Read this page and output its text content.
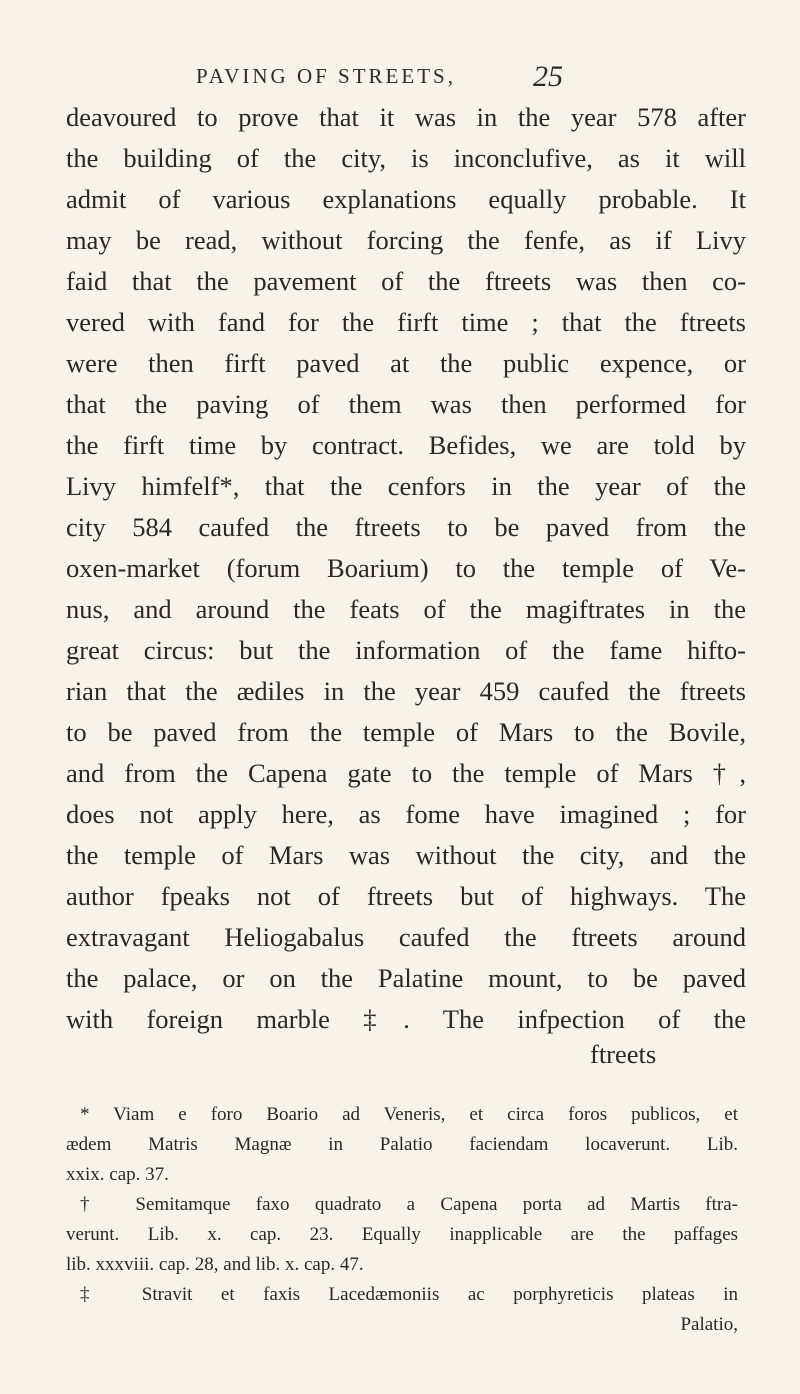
PAVING OF STREETS,	25
deavoured to prove that it was in the year 578 after
the building of the city, is inconclufive, as it will
admit of various explanations equally probable. It
may be read, without forcing the fenfe, as if Livy
faid that the pavement of the ftreets was then co-
vered with fand for the firft time ; that the ftreets
were then firft paved at the public expence, or
that the paving of them was then performed for
the firft time by contract. Befides, we are told by
Livy himfelf*, that the cenfors in the year of the
city 584 caufed the ftreets to be paved from the
oxen-market (forum Boarium) to the temple of Ve-
nus, and around the feats of the magiftrates in the
great circus: but the information of the fame hifto-
rian that the ædiles in the year 459 caufed the ftreets
to be paved from the temple of Mars to the Bovile,
and from the Capena gate to the temple of Mars †,
does not apply here, as fome have imagined ; for
the temple of Mars was without the city, and the
author fpeaks not of ftreets but of highways. The
extravagant Heliogabalus caufed the ftreets around
the palace, or on the Palatine mount, to be paved
with foreign marble ‡. The infpection of the
ftreets
* Viam e foro Boario ad Veneris, et circa foros publicos, et
ædem Matris Magnæ in Palatio faciendam locaverunt. Lib.
xxix. cap. 37.
† Semitamque faxo quadrato a Capena porta ad Martis ftra-
verunt. Lib. x. cap. 23. Equally inapplicable are the paffages
lib. xxxviii. cap. 28, and lib. x. cap. 47.
‡ Stravit et faxis Lacedæmoniis ac porphyreticis plateas in
Palatio,
